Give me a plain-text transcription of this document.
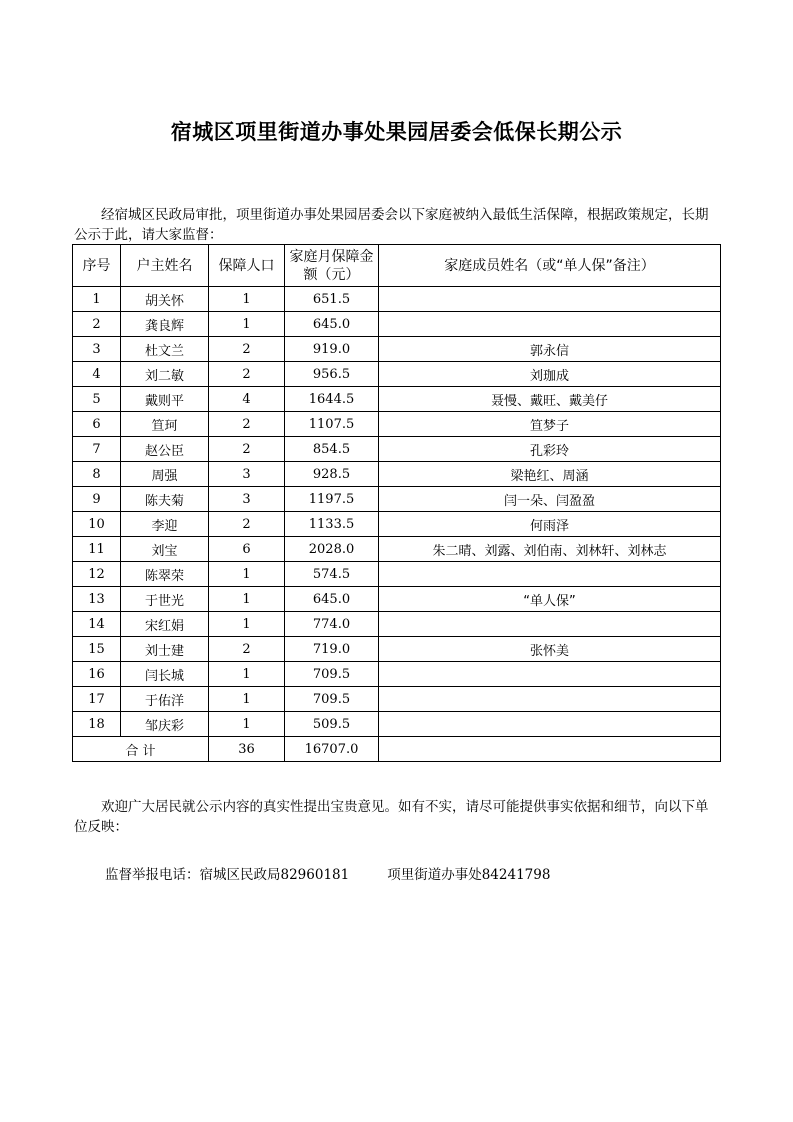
宿城区项里街道办事处果园居委会低保长期公示

经宿城区民政局审批，项里街道办事处果园居委会以下家庭被纳入最低生活保障，根据政策规定，长期公示于此，请大家监督：

序号	户主姓名	保障人口	家庭月保障金额（元）	家庭成员姓名（或“单人保”备注）
1	胡关怀	1	651.5	
2	龚良辉	1	645.0	
3	杜文兰	2	919.0	郭永信
4	刘二敏	2	956.5	刘珈成
5	戴则平	4	1644.5	聂慢、戴旺、戴美仔
6	笪珂	2	1107.5	笪梦子
7	赵公臣	2	854.5	孔彩玲
8	周强	3	928.5	梁艳红、周涵
9	陈夫菊	3	1197.5	闫一朵、闫盈盈
10	李迎	2	1133.5	何雨泽
11	刘宝	6	2028.0	朱二晴、刘露、刘伯南、刘林轩、刘林志
12	陈翠荣	1	574.5	
13	于世光	1	645.0	“单人保”
14	宋红娟	1	774.0	
15	刘士建	2	719.0	张怀美
16	闫长城	1	709.5	
17	于佑洋	1	709.5	
18	邹庆彩	1	509.5	
合 计		36	16707.0	

欢迎广大居民就公示内容的真实性提出宝贵意见。如有不实，请尽可能提供事实依据和细节，向以下单位反映：

监督举报电话：宿城区民政局82960181	项里街道办事处84241798
